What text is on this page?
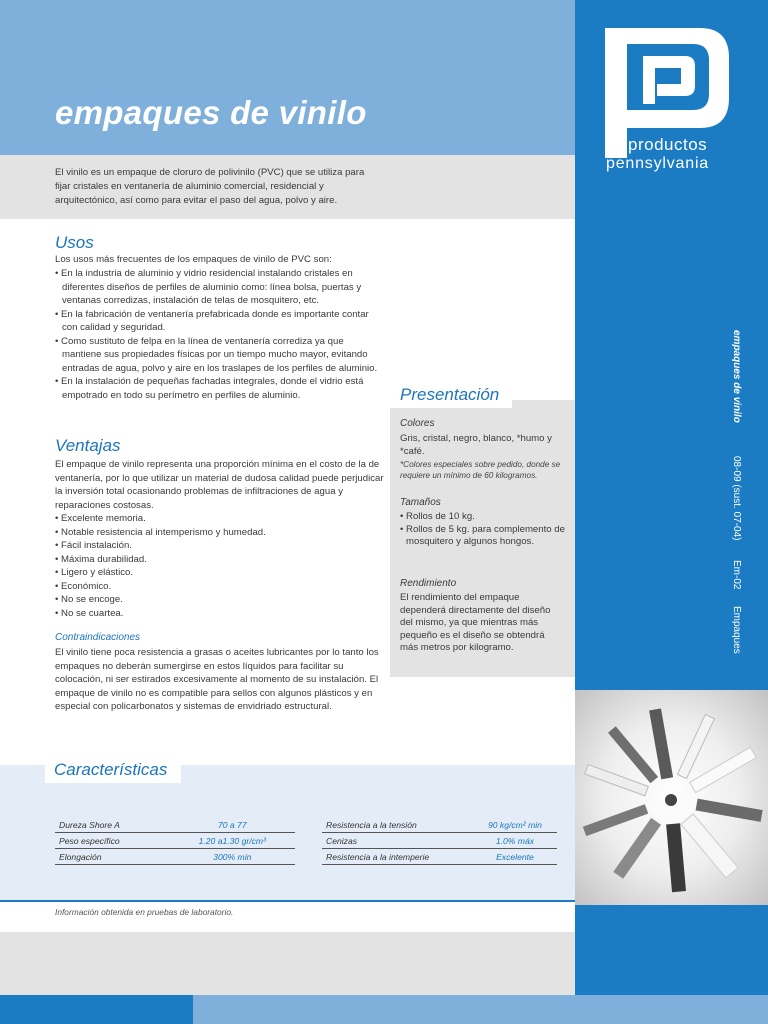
empaques de vinilo
El vinilo es un empaque de cloruro de polivinilo (PVC) que se utiliza para fijar cristales en ventanería de aluminio comercial, residencial y arquitectónico, así como para evitar el paso del agua, polvo y aire.
productos
pennsylvania
empaques de vinilo
08-09 (sust. 07-04)
Em-02
Empaques
Usos
Los usos más frecuentes de los empaques de vinilo de PVC son:
• En la industria de aluminio y vidrio residencial instalando cristales en diferentes diseños de perfiles de aluminio como: línea bolsa, puertas y ventanas corredizas, instalación de telas de mosquitero, etc.
• En la fabricación de ventanería prefabricada donde es importante contar con calidad y seguridad.
• Como sustituto de felpa en la línea de ventanería corrediza ya que mantiene sus propiedades físicas por un tiempo mucho mayor, evitando entradas de agua, polvo y aire en los traslapes de los perfiles de aluminio.
• En la instalación de pequeñas fachadas integrales, donde el vidrio está empotrado en todo su perímetro en perfiles de aluminio.
Ventajas
El empaque de vinilo representa una proporción mínima en el costo de la de ventanería, por lo que utilizar un material de dudosa calidad puede perjudicar la inversión total ocasionando problemas de infiltraciones de agua y reparaciones costosas.
• Excelente memoria.
• Notable resistencia al intemperismo y humedad.
• Fácil instalación.
• Máxima durabilidad.
• Ligero y elástico.
• Económico.
• No se encoge.
• No se cuartea.
Contraindicaciones
El vinilo tiene poca resistencia a grasas o aceites lubricantes por lo tanto los empaques no deberán sumergirse en estos líquidos para facilitar su colocación, ni ser estirados excesivamente al momento de su instalación. El empaque de vinilo no es compatible para sellos con algunos plásticos y en especial con policarbonatos y sistemas de envidriado estructural.
Presentación
Colores
Gris, cristal, negro, blanco, *humo y *café.
*Colores especiales sobre pedido, donde se requiere un mínimo de 60 kilogramos.
Tamaños
• Rollos de 10 kg.
• Rollos de 5 kg. para complemento de mosquitero y algunos hongos.
Rendimiento
El rendimiento del empaque dependerá directamente del diseño del mismo, ya que mientras más pequeño es el diseño se obtendrá más metros por kilogramo.
Características
Dureza Shore A	70 a 77
Peso específico	1.20 a1.30 gr/cm³
Elongación	300% min
Resistencia a la tensión	90 kg/cm² min
Cenizas	1.0% máx
Resistencia a la intemperie	Excelente
Información obtenida en pruebas de laboratorio.
